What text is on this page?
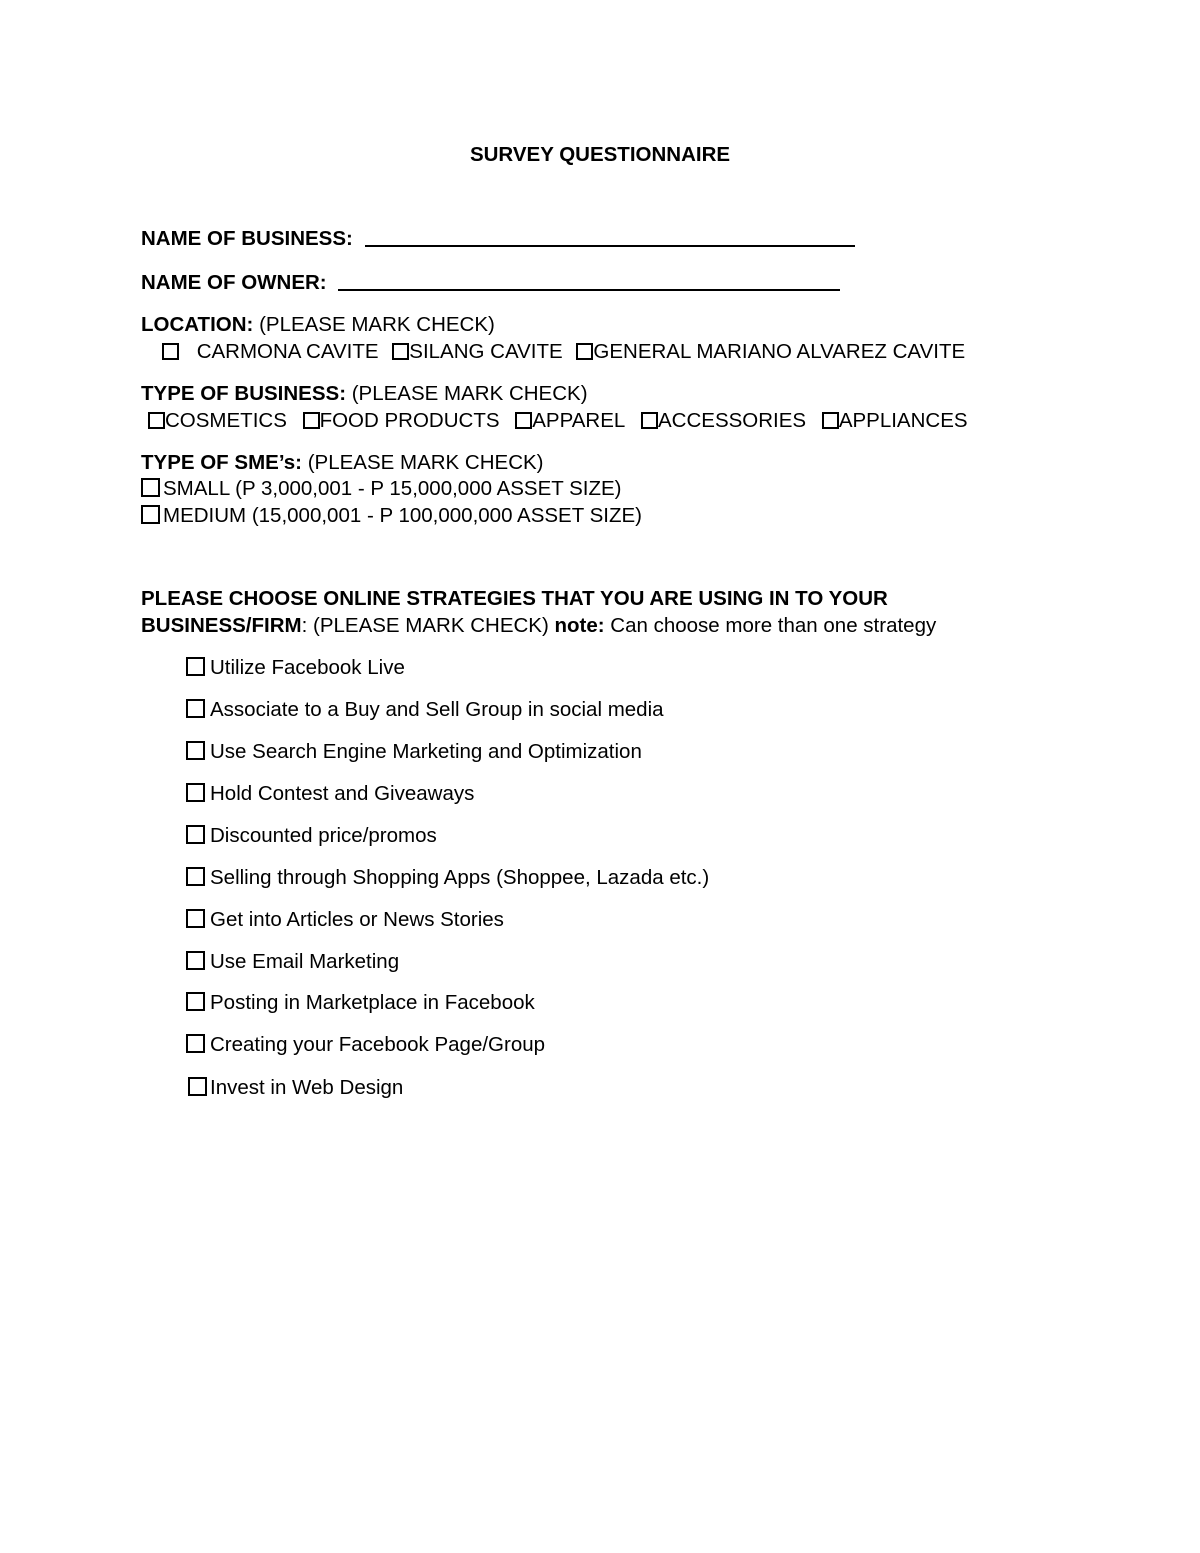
SURVEY QUESTIONNAIRE
NAME OF BUSINESS:
NAME OF OWNER:
LOCATION: (PLEASE MARK CHECK)
CARMONA CAVITE SILANG CAVITE GENERAL MARIANO ALVAREZ CAVITE
TYPE OF BUSINESS: (PLEASE MARK CHECK)
COSMETICS FOOD PRODUCTS APPAREL ACCESSORIES APPLIANCES
TYPE OF SME’s: (PLEASE MARK CHECK)
SMALL (P 3,000,001 - P 15,000,000 ASSET SIZE)
MEDIUM (15,000,001 - P 100,000,000 ASSET SIZE)
PLEASE CHOOSE ONLINE STRATEGIES THAT YOU ARE USING IN TO YOUR
BUSINESS/FIRM: (PLEASE MARK CHECK) note: Can choose more than one strategy
Utilize Facebook Live
Associate to a Buy and Sell Group in social media
Use Search Engine Marketing and Optimization
Hold Contest and Giveaways
Discounted price/promos
Selling through Shopping Apps (Shoppee, Lazada etc.)
Get into Articles or News Stories
Use Email Marketing
Posting in Marketplace in Facebook
Creating your Facebook Page/Group
Invest in Web Design
